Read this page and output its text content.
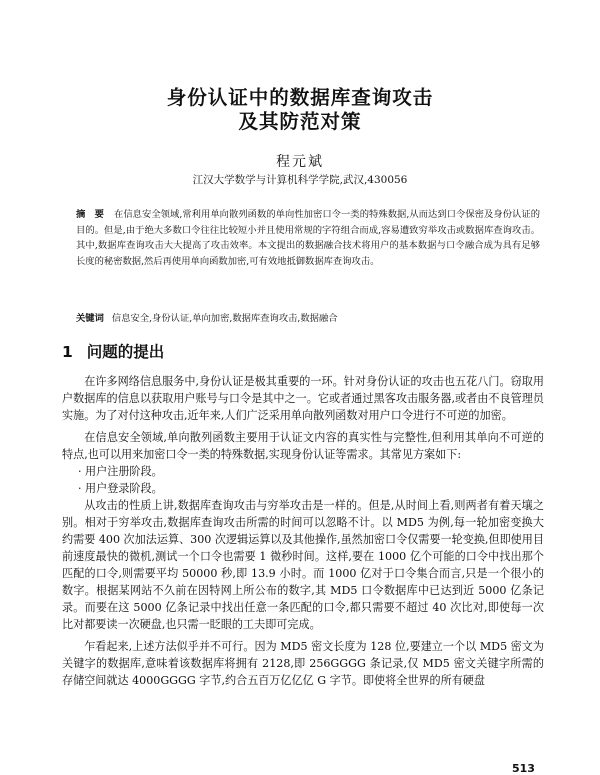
身份认证中的数据库查询攻击
及其防范对策
程元斌
江汉大学数学与计算机科学学院,武汉,430056
摘　要 在信息安全领域,常利用单向散列函数的单向性加密口令一类的特殊数据,从而达到口令保密及身份认证的目的。但是,由于绝大多数口令往往比较短小并且使用常规的字符组合而成,容易遭致穷举攻击或数据库查询攻击。其中,数据库查询攻击大大提高了攻击效率。本文提出的数据融合技术将用户的基本数据与口令融合成为具有足够长度的秘密数据,然后再使用单向函数加密,可有效地抵御数据库查询攻击。
关键词 信息安全,身份认证,单向加密,数据库查询攻击,数据融合
1 问题的提出

在许多网络信息服务中,身份认证是极其重要的一环。针对身份认证的攻击也五花八门。窃取用户数据库的信息以获取用户账号与口令是其中之一。它或者通过黑客攻击服务器,或者由不良管理员实施。为了对付这种攻击,近年来,人们广泛采用单向散列函数对用户口令进行不可逆的加密。

在信息安全领域,单向散列函数主要用于认证文内容的真实性与完整性,但利用其单向不可逆的特点,也可以用来加密口令一类的特殊数据,实现身份认证等需求。其常见方案如下:

· 用户注册阶段。

· 用户登录阶段。

从攻击的性质上讲,数据库查询攻击与穷举攻击是一样的。但是,从时间上看,则两者有着天壤之别。相对于穷举攻击,数据库查询攻击所需的时间可以忽略不计。以 MD5 为例,每一轮加密变换大约需要 400 次加法运算、300 次逻辑运算以及其他操作,虽然加密口令仅需要一轮变换,但即使用目前速度最快的微机,测试一个口令也需要 1 微秒时间。这样,要在 1000 亿个可能的口令中找出那个匹配的口令,则需要平均 50000 秒,即 13.9 小时。而 1000 亿对于口令集合而言,只是一个很小的数字。根据某网站不久前在因特网上所公布的数字,其 MD5 口令数据库中已达到近 5000 亿条记录。而要在这 5000 亿条记录中找出任意一条匹配的口令,都只需要不超过 40 次比对,即使每一次比对都要读一次硬盘,也只需一眨眼的工夫即可完成。

乍看起来,上述方法似乎并不可行。因为 MD5 密文长度为 128 位,要建立一个以 MD5 密文为关键字的数据库,意味着该数据库将拥有 2128,即 256GGGG 条记录,仅 MD5 密文关键字所需的存储空间就达 4000GGGG 字节,约合五百万亿亿亿 G 字节。即使将全世界的所有硬盘

513
